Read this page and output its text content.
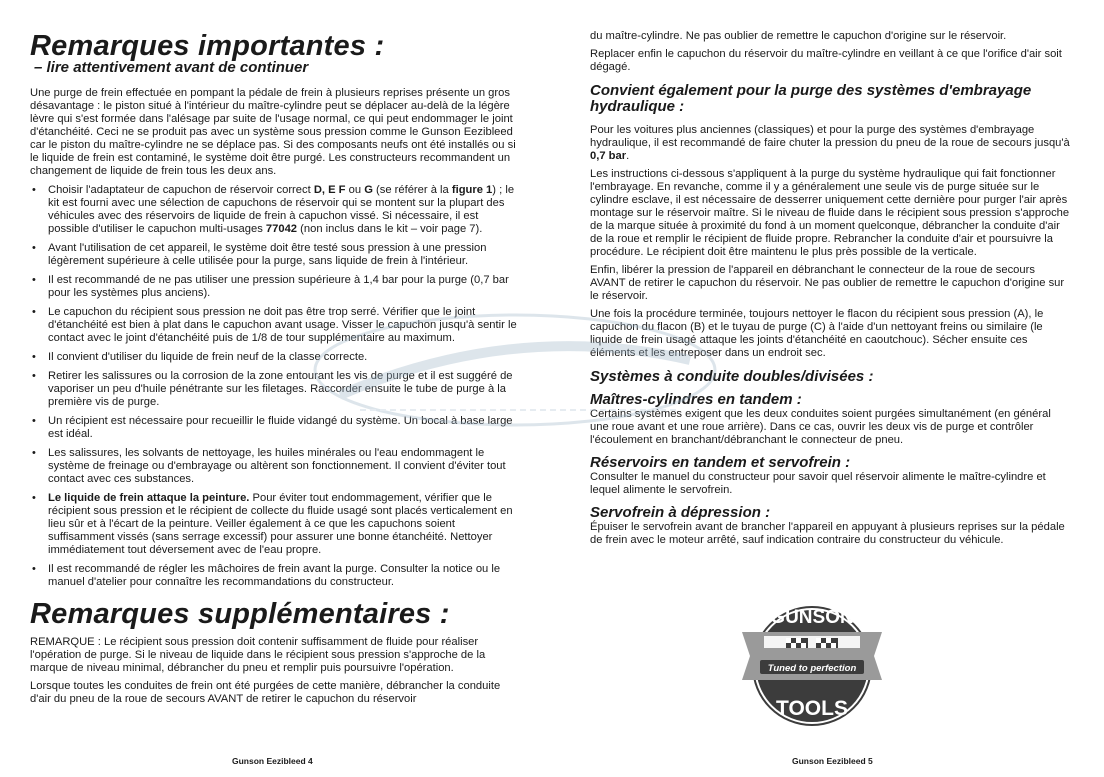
Remarques importantes :
– lire attentivement avant de continuer

Une purge de frein effectuée en pompant la pédale de frein à plusieurs reprises présente un gros désavantage : le piston situé à l'intérieur du maître-cylindre peut se déplacer au-delà de la légère lèvre qui s'est formée dans l'alésage par suite de l'usage normal, ce qui peut endommager le joint d'étanchéité. Ceci ne se produit pas avec un système sous pression comme le Gunson Eezibleed car le piston du maître-cylindre ne se déplace pas. Si des composants neufs ont été installés ou si le liquide de frein est contaminé, le système doit être purgé. Les constructeurs recommandent un changement de liquide de frein tous les deux ans.

• Choisir l'adaptateur de capuchon de réservoir correct D, E F ou G (se référer à la figure 1) ; le kit est fourni avec une sélection de capuchons de réservoir qui se montent sur la plupart des véhicules avec des réservoirs de liquide de frein à capuchon vissé. Si nécessaire, il est possible d'utiliser le capuchon multi-usages 77042 (non inclus dans le kit – voir page 7).
• Avant l'utilisation de cet appareil, le système doit être testé sous pression à une pression légèrement supérieure à celle utilisée pour la purge, sans liquide de frein à l'intérieur.
• Il est recommandé de ne pas utiliser une pression supérieure à 1,4 bar pour la purge (0,7 bar pour les systèmes plus anciens).
• Le capuchon du récipient sous pression ne doit pas être trop serré. Vérifier que le joint d'étanchéité est bien à plat dans le capuchon avant usage. Visser le capuchon jusqu'à sentir le contact avec le joint d'étanchéité puis de 1/8 de tour supplémentaire au maximum.
• Il convient d'utiliser du liquide de frein neuf de la classe correcte.
• Retirer les salissures ou la corrosion de la zone entourant les vis de purge et il est suggéré de vaporiser un peu d'huile pénétrante sur les filetages. Raccorder ensuite le tube de purge à la première vis de purge.
• Un récipient est nécessaire pour recueillir le fluide vidangé du système. Un bocal à base large est idéal.
• Les salissures, les solvants de nettoyage, les huiles minérales ou l'eau endommagent le système de freinage ou d'embrayage ou altèrent son fonctionnement. Il convient d'éviter tout contact avec ces substances.
• Le liquide de frein attaque la peinture. Pour éviter tout endommagement, vérifier que le récipient sous pression et le récipient de collecte du fluide usagé sont placés verticalement en lieu sûr et à l'écart de la peinture. Veiller également à ce que les capuchons soient suffisamment vissés (sans serrage excessif) pour assurer une bonne étanchéité. Nettoyer immédiatement tout déversement avec de l'eau propre.
• Il est recommandé de régler les mâchoires de frein avant la purge. Consulter la notice ou le manuel d'atelier pour connaître les recommandations du constructeur.
Remarques supplémentaires :

REMARQUE : Le récipient sous pression doit contenir suffisamment de fluide pour réaliser l'opération de purge. Si le niveau de liquide dans le récipient sous pression s'approche de la marque de niveau minimal, débrancher du pneu et remplir puis poursuivre l'opération.

Lorsque toutes les conduites de frein ont été purgées de cette manière, débrancher la conduite d'air du pneu de la roue de secours AVANT de retirer le capuchon du réservoir

Gunson Eezibleed 4

du maître-cylindre. Ne pas oublier de remettre le capuchon d'origine sur le réservoir.

Replacer enfin le capuchon du réservoir du maître-cylindre en veillant à ce que l'orifice d'air soit dégagé.

Convient également pour la purge des systèmes d'embrayage hydraulique :

Pour les voitures plus anciennes (classiques) et pour la purge des systèmes d'embrayage hydraulique, il est recommandé de faire chuter la pression du pneu de la roue de secours jusqu'à 0,7 bar.

Les instructions ci-dessous s'appliquent à la purge du système hydraulique qui fait fonctionner l'embrayage. En revanche, comme il y a généralement une seule vis de purge située sur le cylindre esclave, il est nécessaire de desserrer uniquement cette dernière pour purger l'air après montage sur le réservoir maître. Si le niveau de fluide dans le récipient sous pression s'approche de la marque située à proximité du fond à un moment quelconque, débrancher la conduite d'air de la roue et remplir le récipient de fluide propre. Rebrancher la conduite d'air et poursuivre la procédure. Le récipient doit être maintenu le plus près possible de la verticale.

Enfin, libérer la pression de l'appareil en débranchant le connecteur de la roue de secours AVANT de retirer le capuchon du réservoir. Ne pas oublier de remettre le capuchon d'origine sur le réservoir.

Une fois la procédure terminée, toujours nettoyer le flacon du récipient sous pression (A), le capuchon du flacon (B) et le tuyau de purge (C) à l'aide d'un nettoyant freins ou similaire (le liquide de frein usagé attaque les joints d'étanchéité en caoutchouc). Sécher ensuite ces éléments et les entreposer dans un endroit sec.

Systèmes à conduite doubles/divisées :
Maîtres-cylindres en tandem :

Certains systèmes exigent que les deux conduites soient purgées simultanément (en général une roue avant et une roue arrière). Dans ce cas, ouvrir les deux vis de purge et contrôler l'écoulement en branchant/débranchant le connecteur de pneu.

Réservoirs en tandem et servofrein :

Consulter le manuel du constructeur pour savoir quel réservoir alimente le maître-cylindre et lequel alimente le servofrein.

Servofrein à dépression :

Épuiser le servofrein avant de brancher l'appareil en appuyant à plusieurs reprises sur la pédale de frein avec le moteur arrêté, sauf indication contraire du constructeur du véhicule.

Gunson Eezibleed 5
Tuned to perfection
GUNSON
TOOLS
